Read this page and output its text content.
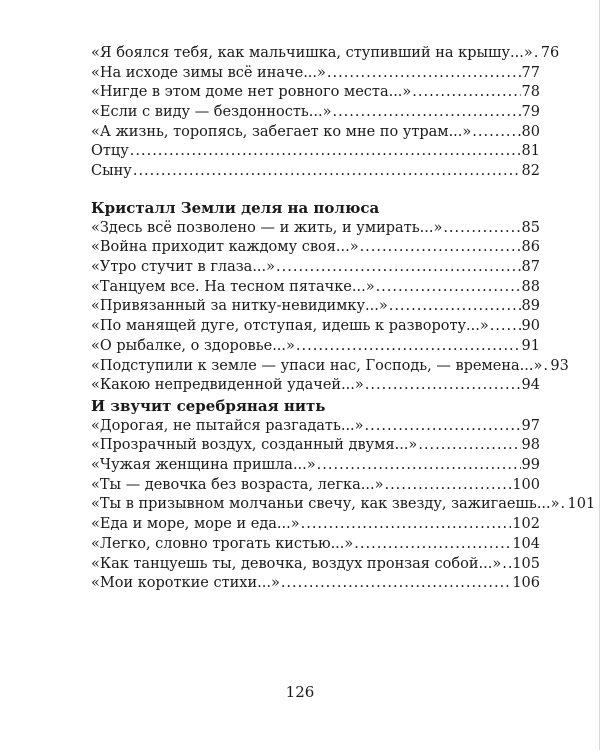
«Я боялся тебя, как мальчишка, ступивший на крышу...» ..... 76
«На исходе зимы всё иначе...» .....	77
«Нигде в этом доме нет ровного места...» .....	78
«Если с виду — бездонность...» .....	79
«А жизнь, торопясь, забегает ко мне по утрам...» .....	80
Отцу .....	81
Сыну .....	82
Кристалл Земли деля на полюса
«Здесь всё позволено — и жить, и умирать...» .....	85
«Война приходит каждому своя...» .....	86
«Утро стучит в глаза...» .....	87
«Танцуем все. На тесном пятачке...» .....	88
«Привязанный за нитку-невидимку...» .....	89
«По манящей дуге, отступая, идешь к развороту...» ..... 90
«О рыбалке, о здоровье...» .....	91
«Подступили к земле — упаси нас, Господь, — времена...» ..... 93
«Какою непредвиденной удачей...» .....	94
И звучит серебряная нить
«Дорогая, не пытайся разгадать...» .....	97
«Прозрачный воздух, созданный двумя...» .....	98
«Чужая женщина пришла...» .....	99
«Ты — девочка без возраста, легка...» .....	100
«Ты в призывном молчаньи свечу, как звезду, зажигаешь...» ..... 101
«Еда и море, море и еда...» .....	102
«Легко, словно трогать кистью...» .....	104
«Как танцуешь ты, девочка, воздух пронзая собой...» ..... 105
«Мои короткие стихи...» .....	106
126
